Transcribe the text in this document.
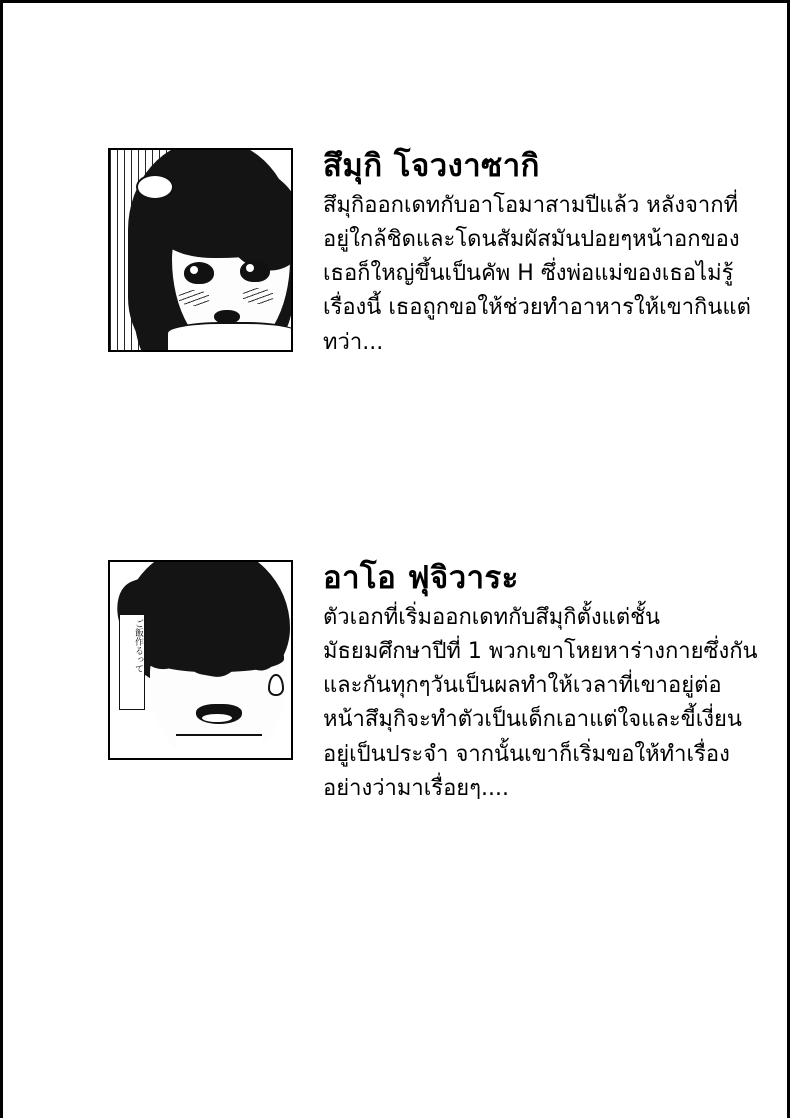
สึมุกิ โจวงาซากิ

สึมุกิออกเดทกับอาโอมาสามปีแล้ว หลังจากที่อยู่ใกล้ชิดและโดนสัมผัสมันปอยๆหน้าอกของเธอก็ใหญ่ขึ้นเป็นคัพ H ซึ่งพ่อแม่ของเธอไม่รู้เรื่องนี้ เธอถูกขอให้ช่วยทำอาหารให้เขากินแต่ทว่า...

ご飯作るって
อาโอ ฟุจิวาระ

ตัวเอกที่เริ่มออกเดทกับสึมุกิตั้งแต่ชั้นมัธยมศึกษาปีที่ 1 พวกเขาโหยหาร่างกายซึ่งกันและกันทุกๆวันเป็นผลทำให้เวลาที่เขาอยู่ต่อหน้าสึมุกิจะทำตัวเป็นเด็กเอาแต่ใจและขี้เงี่ยนอยู่เป็นประจำ จากนั้นเขาก็เริ่มขอให้ทำเรื่องอย่างว่ามาเรื่อยๆ....
